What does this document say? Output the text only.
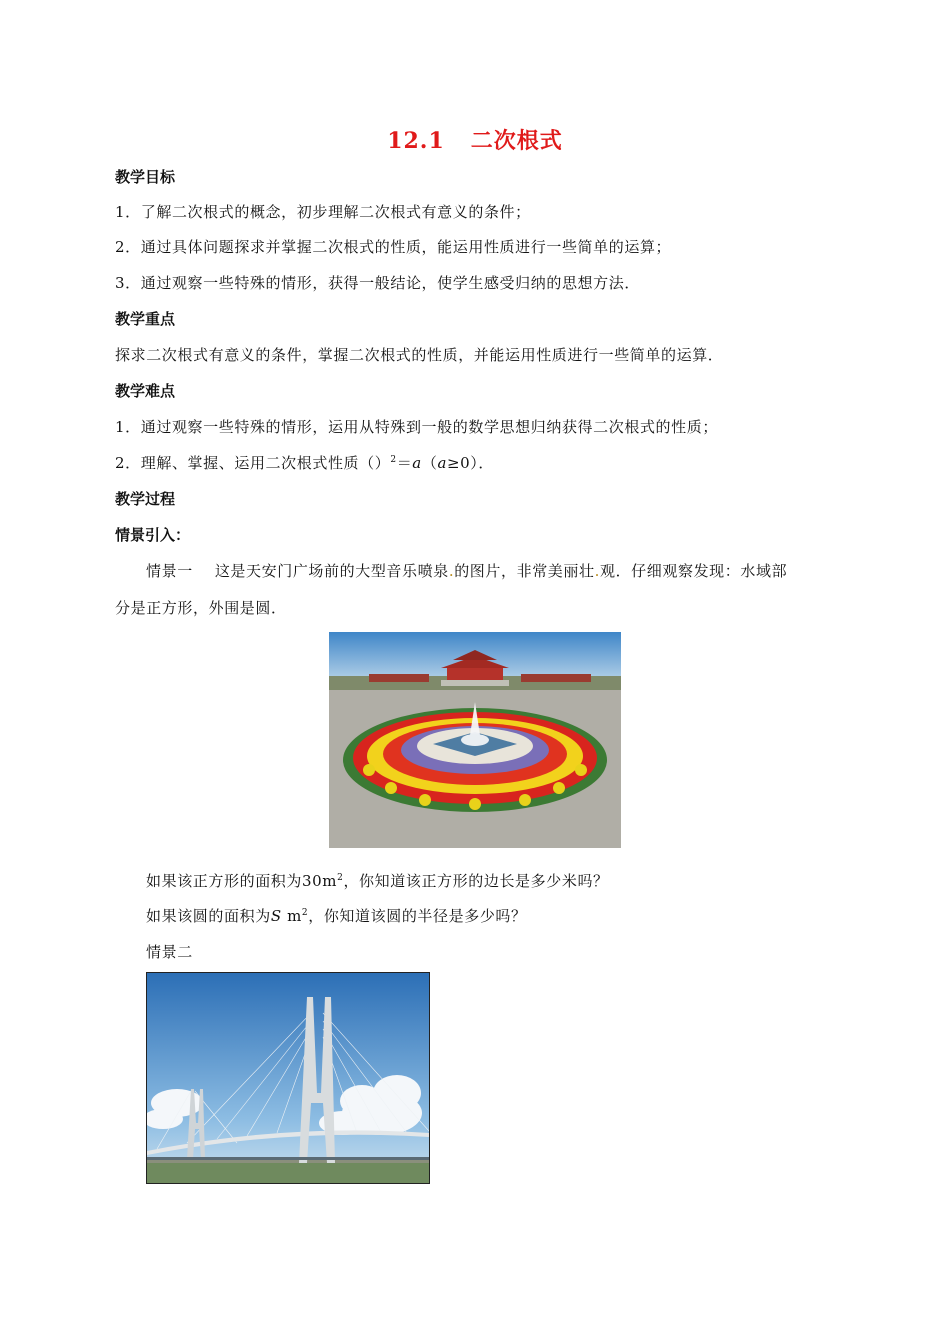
12.1 二次根式
教学目标
1．了解二次根式的概念，初步理解二次根式有意义的条件；
2．通过具体问题探求并掌握二次根式的性质，能运用性质进行一些简单的运算；
3．通过观察一些特殊的情形，获得一般结论，使学生感受归纳的思想方法．
教学重点
探求二次根式有意义的条件，掌握二次根式的性质，并能运用性质进行一些简单的运算．
教学难点
1．通过观察一些特殊的情形，运用从特殊到一般的数学思想归纳获得二次根式的性质；
2．理解、掌握、运用二次根式性质（）$^2$＝a（a≥0）．
教学过程
情景引入：
情景一 这是天安门广场前的大型音乐喷泉.的图片，非常美丽壮.观．仔细观察发现：水域部
分是正方形，外围是圆．
如果该正方形的面积为$30m^2$，你知道该正方形的边长是多少米吗？
如果该圆的面积为S $m^2$，你知道该圆的半径是多少吗？
情景二
